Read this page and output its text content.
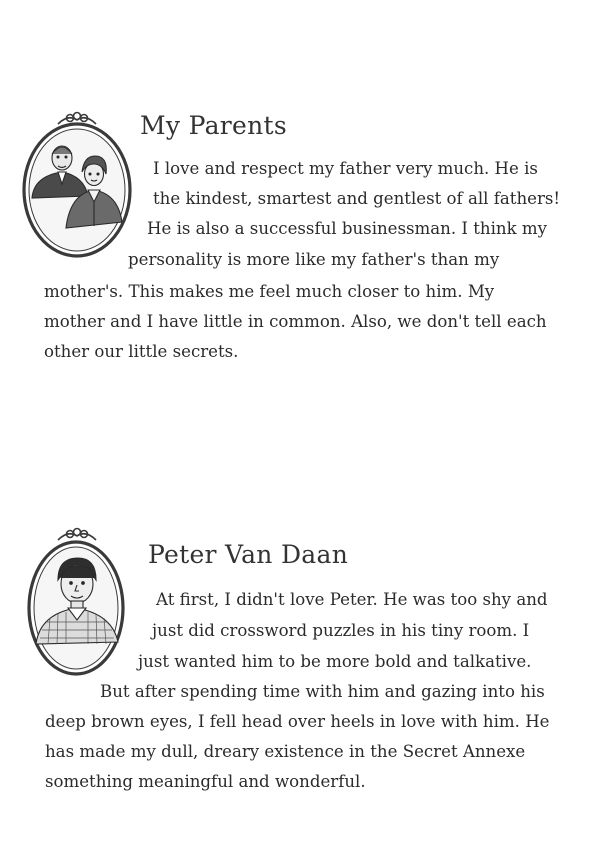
My Parents
I love and respect my father very much. He is
the kindest, smartest and gentlest of all fathers!
He is also a successful businessman. I think my
personality is more like my father's than my
mother's. This makes me feel much closer to him. My
mother and I have little in common. Also, we don't tell each
other our little secrets.
Peter Van Daan
At first, I didn't love Peter. He was too shy and
just did crossword puzzles in his tiny room. I
just wanted him to be more bold and talkative.
But after spending time with him and gazing into his
deep brown eyes, I fell head over heels in love with him. He
has made my dull, dreary existence in the Secret Annexe
something meaningful and wonderful.
